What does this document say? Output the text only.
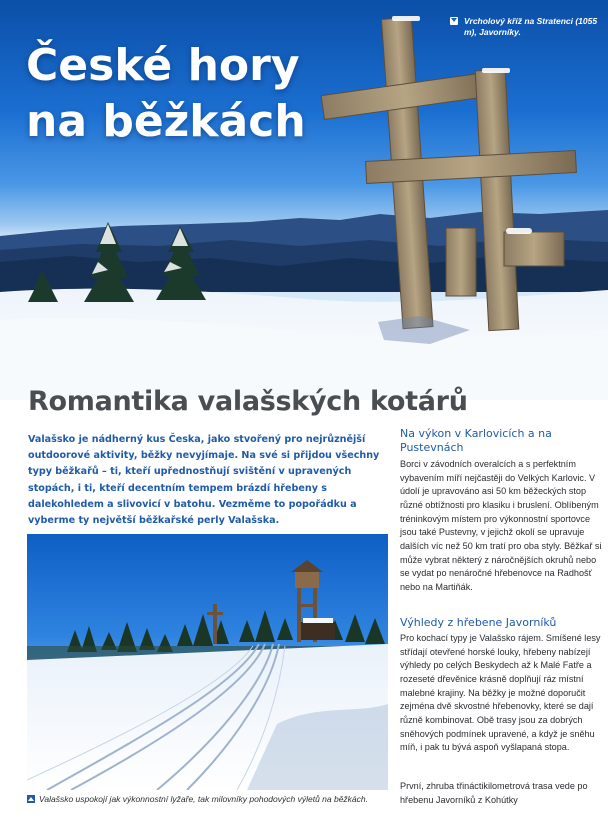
České hory
na běžkách
Vrcholový kříž na Stratenci (1055 m), Javorníky.
Romantika valašských kotárů
Valašsko je nádherný kus Česka, jako stvořený pro nejrůznější outdoorové aktivity, běžky nevyjímaje. Na své si přijdou všechny typy běžkařů – ti, kteří upřednostňují svištění v upravených stopách, i ti, kteří decentním tempem brázdí hřebeny s dalekohledem a slivovicí v batohu. Vezměme to popořádku a vyberme ty největší běžkařské perly Valašska.
Valašsko uspokojí jak výkonnostní lyžaře, tak milovníky pohodových výletů na běžkách.
Na výkon v Karlovicích a na Pustevnách
Borci v závodních overalcích a s perfektním vybavením míří nejčastěji do Velkých Karlovic. V údolí je upravováno asi 50 km běžeckých stop různé obtížnosti pro klasiku i bruslení. Oblíbeným tréninkovým místem pro výkonnostní sportovce jsou také Pustevny, v jejichž okolí se upravuje dalších víc než 50 km tratí pro oba styly. Běžkař si může vybrat některý z náročnějších okruhů nebo se vydat po nenáročné hřebenovce na Radhošť nebo na Martiňák.
Výhledy z hřebene Javorníků
Pro kochací typy je Valašsko rájem. Smíšené lesy střídají otevřené horské louky, hřebeny nabízejí výhledy po celých Beskydech až k Malé Fatře a rozeseté dřevěnice krásně doplňují ráz místní malebné krajiny. Na běžky je možné doporučit zejména dvě skvostné hřebenovky, které se dají různě kombinovat. Obě trasy jsou za dobrých sněhových podmínek upravené, a když je sněhu míň, i pak tu bývá aspoň vyšlapaná stopa.
První, zhruba třináctikilometrová trasa vede po hřebenu Javorníků z Kohútky
